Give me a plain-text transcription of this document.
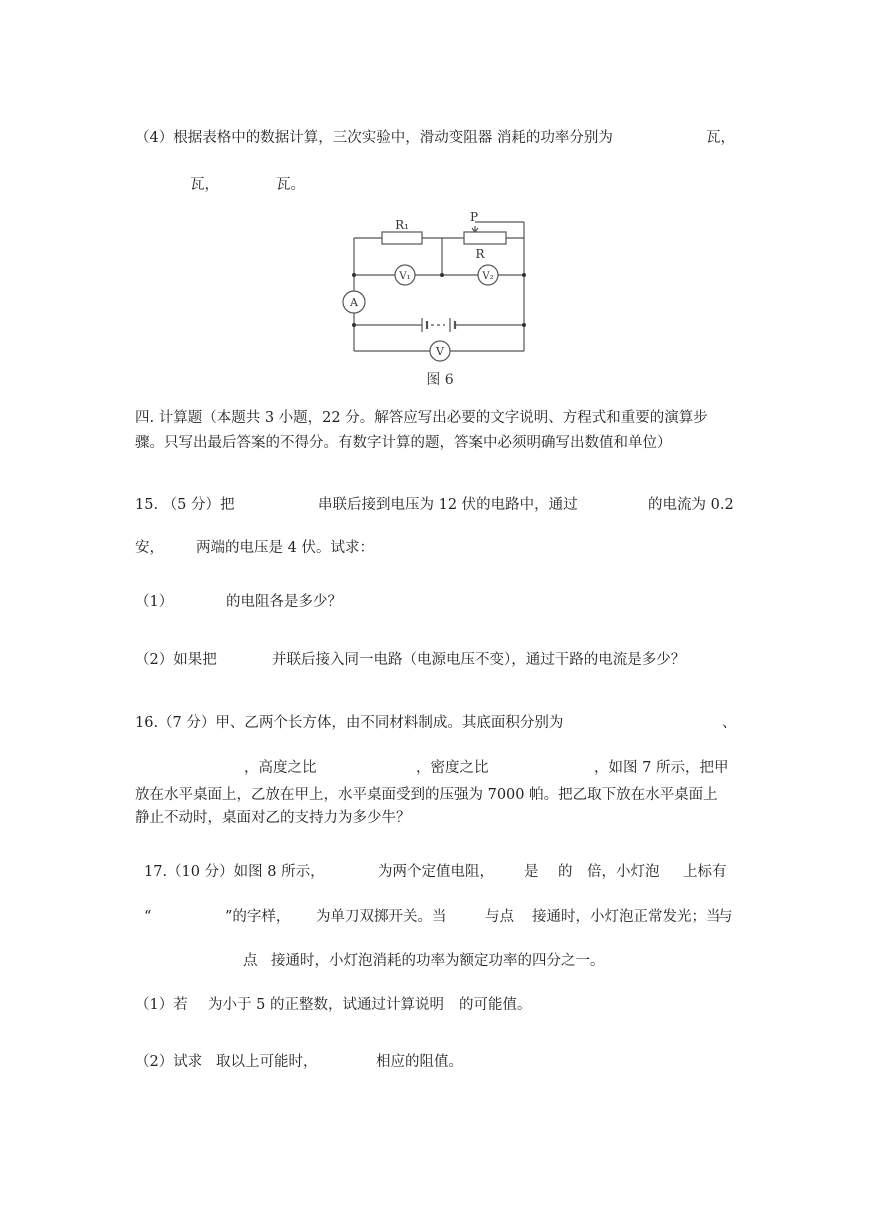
（4）根据表格中的数据计算，三次实验中，滑动变阻器 消耗的功率分别为	瓦，
瓦，	瓦。
R₁
P
R
V₁	V₂
A
V
图 6
四. 计算题（本题共 3 小题，22 分。解答应写出必要的文字说明、方程式和重要的演算步
骤。只写出最后答案的不得分。有数字计算的题，答案中必须明确写出数值和单位）
15. （5 分）把	串联后接到电压为 12 伏的电路中，通过	的电流为 0.2
安， 两端的电压是 4 伏。试求：
（1）	的电阻各是多少？
（2）如果把	并联后接入同一电路（电源电压不变），通过干路的电流是多少？
16.（7 分）甲、乙两个长方体，由不同材料制成。其底面积分别为	、
，高度之比	，密度之比	，如图 7 所示，把甲
放在水平桌面上，乙放在甲上，水平桌面受到的压强为 7000 帕。把乙取下放在水平桌面上
静止不动时，桌面对乙的支持力为多少牛？
17.（10 分）如图 8 所示，	为两个定值电阻， 是 的 倍，小灯泡 上标有
“	”的字样， 为单刀双掷开关。当	与点 接通时，小灯泡正常发光；当
与
点 接通时，小灯泡消耗的功率为额定功率的四分之一。
（1）若 为小于 5 的正整数，试通过计算说明 的可能值。
（2）试求 取以上可能时，	相应的阻值。
